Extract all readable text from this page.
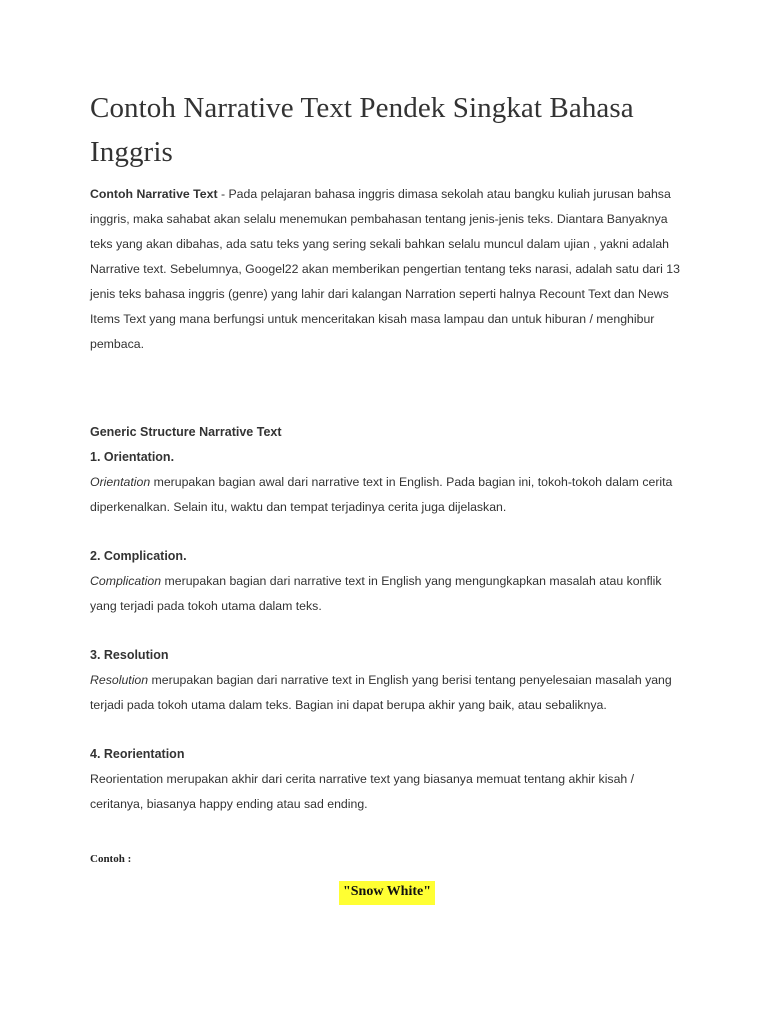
Contoh Narrative Text Pendek Singkat Bahasa Inggris

Contoh Narrative Text - Pada pelajaran bahasa inggris dimasa sekolah atau bangku kuliah jurusan bahsa inggris, maka sahabat akan selalu menemukan pembahasan tentang jenis-jenis teks. Diantara Banyaknya teks yang akan dibahas, ada satu teks yang sering sekali bahkan selalu muncul dalam ujian , yakni adalah Narrative text. Sebelumnya, Googel22 akan memberikan pengertian tentang teks narasi, adalah satu dari 13 jenis teks bahasa inggris (genre) yang lahir dari kalangan Narration seperti halnya Recount Text dan News Items Text yang mana berfungsi untuk menceritakan kisah masa lampau dan untuk hiburan / menghibur pembaca.

Generic Structure Narrative Text

1. Orientation.

Orientation merupakan bagian awal dari narrative text in English. Pada bagian ini, tokoh-tokoh dalam cerita diperkenalkan. Selain itu, waktu dan tempat terjadinya cerita juga dijelaskan.

2. Complication.

Complication merupakan bagian dari narrative text in English yang mengungkapkan masalah atau konflik yang terjadi pada tokoh utama dalam teks.

3. Resolution

Resolution merupakan bagian dari narrative text in English yang berisi tentang penyelesaian masalah yang terjadi pada tokoh utama dalam teks. Bagian ini dapat berupa akhir yang baik, atau sebaliknya.

4. Reorientation

Reorientation merupakan akhir dari cerita narrative text yang biasanya memuat tentang akhir kisah / ceritanya, biasanya happy ending atau sad ending.

Contoh :

"Snow White"
